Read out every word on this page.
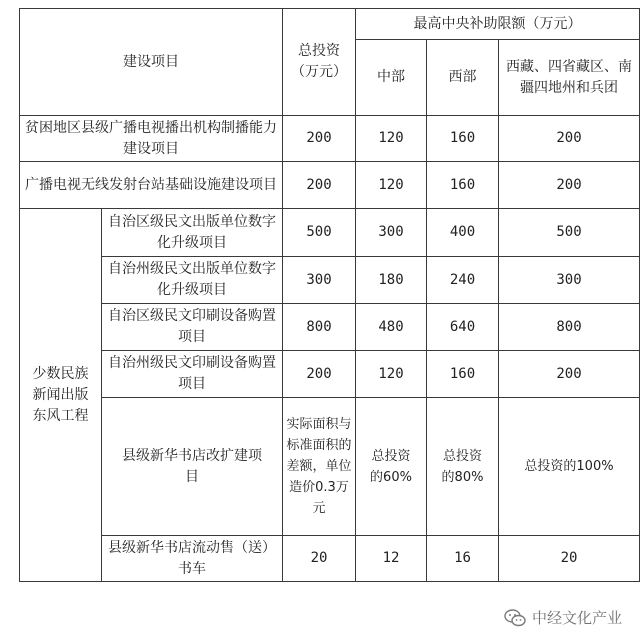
建设项目		总投资（万元）	最高中央补助限额（万元）		
			中部	西部	西藏、四省藏区、南疆四地州和兵团
贫困地区县级广播电视播出机构制播能力建设项目		200	120	160	200
广播电视无线发射台站基础设施建设项目		200	120	160	200
少数民族新闻出版东风工程	自治区级民文出版单位数字化升级项目	500	300	400	500
	自治州级民文出版单位数字化升级项目	300	180	240	300
	自治区级民文印刷设备购置项目	800	480	640	800
	自治州级民文印刷设备购置项目	200	120	160	200
	县级新华书店改扩建项目	实际面积与标准面积的差额，单位造价0.3万元	总投资的60%	总投资的80%	总投资的100%
	县级新华书店流动售（送）书车	20	12	16	20
中经文化产业
